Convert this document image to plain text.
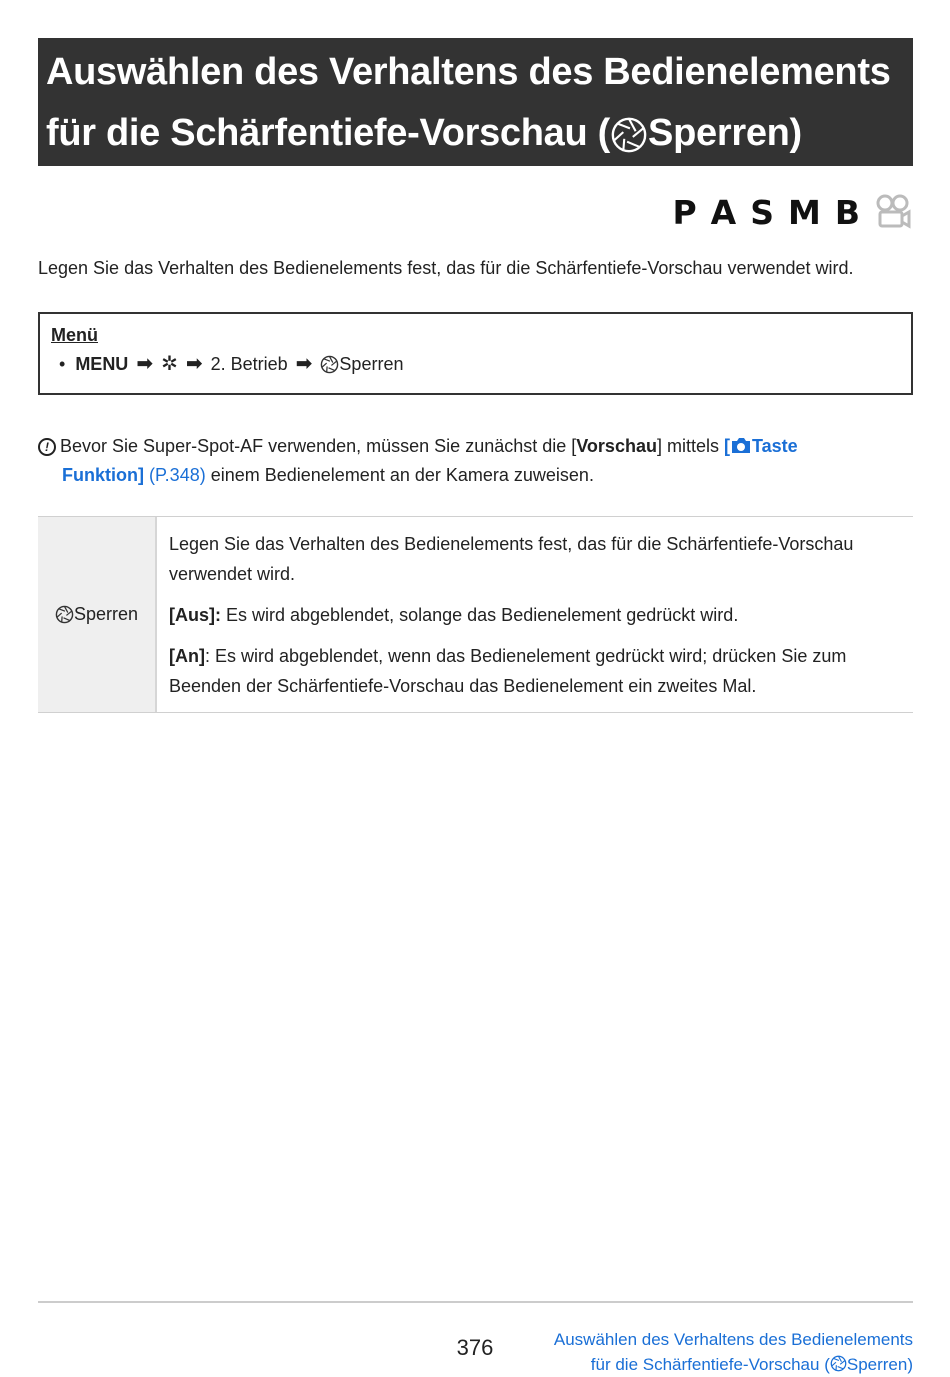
Auswählen des Verhaltens des Bedienelements
für die Schärfentiefe-Vorschau ( Sperren)
P A S M B
Legen Sie das Verhalten des Bedienelements fest, das für die Schärfentiefe-Vorschau verwendet wird.
Menü
• MENU ➡ ✲ ➡ 2. Betrieb ➡ Sperren
! Bevor Sie Super-Spot-AF verwenden, müssen Sie zunächst die [Vorschau] mittels [ Taste
Funktion] (P.348) einem Bedienelement an der Kamera zuweisen.
Sperren

Legen Sie das Verhalten des Bedienelements fest, das für die Schärfentiefe-Vorschau verwendet wird.

[Aus]: Es wird abgeblendet, solange das Bedienelement gedrückt wird.

[An]: Es wird abgeblendet, wenn das Bedienelement gedrückt wird; drücken Sie zum Beenden der Schärfentiefe-Vorschau das Bedienelement ein zweites Mal.

376	Auswählen des Verhaltens des Bedienelements
für die Schärfentiefe-Vorschau ( Sperren)
